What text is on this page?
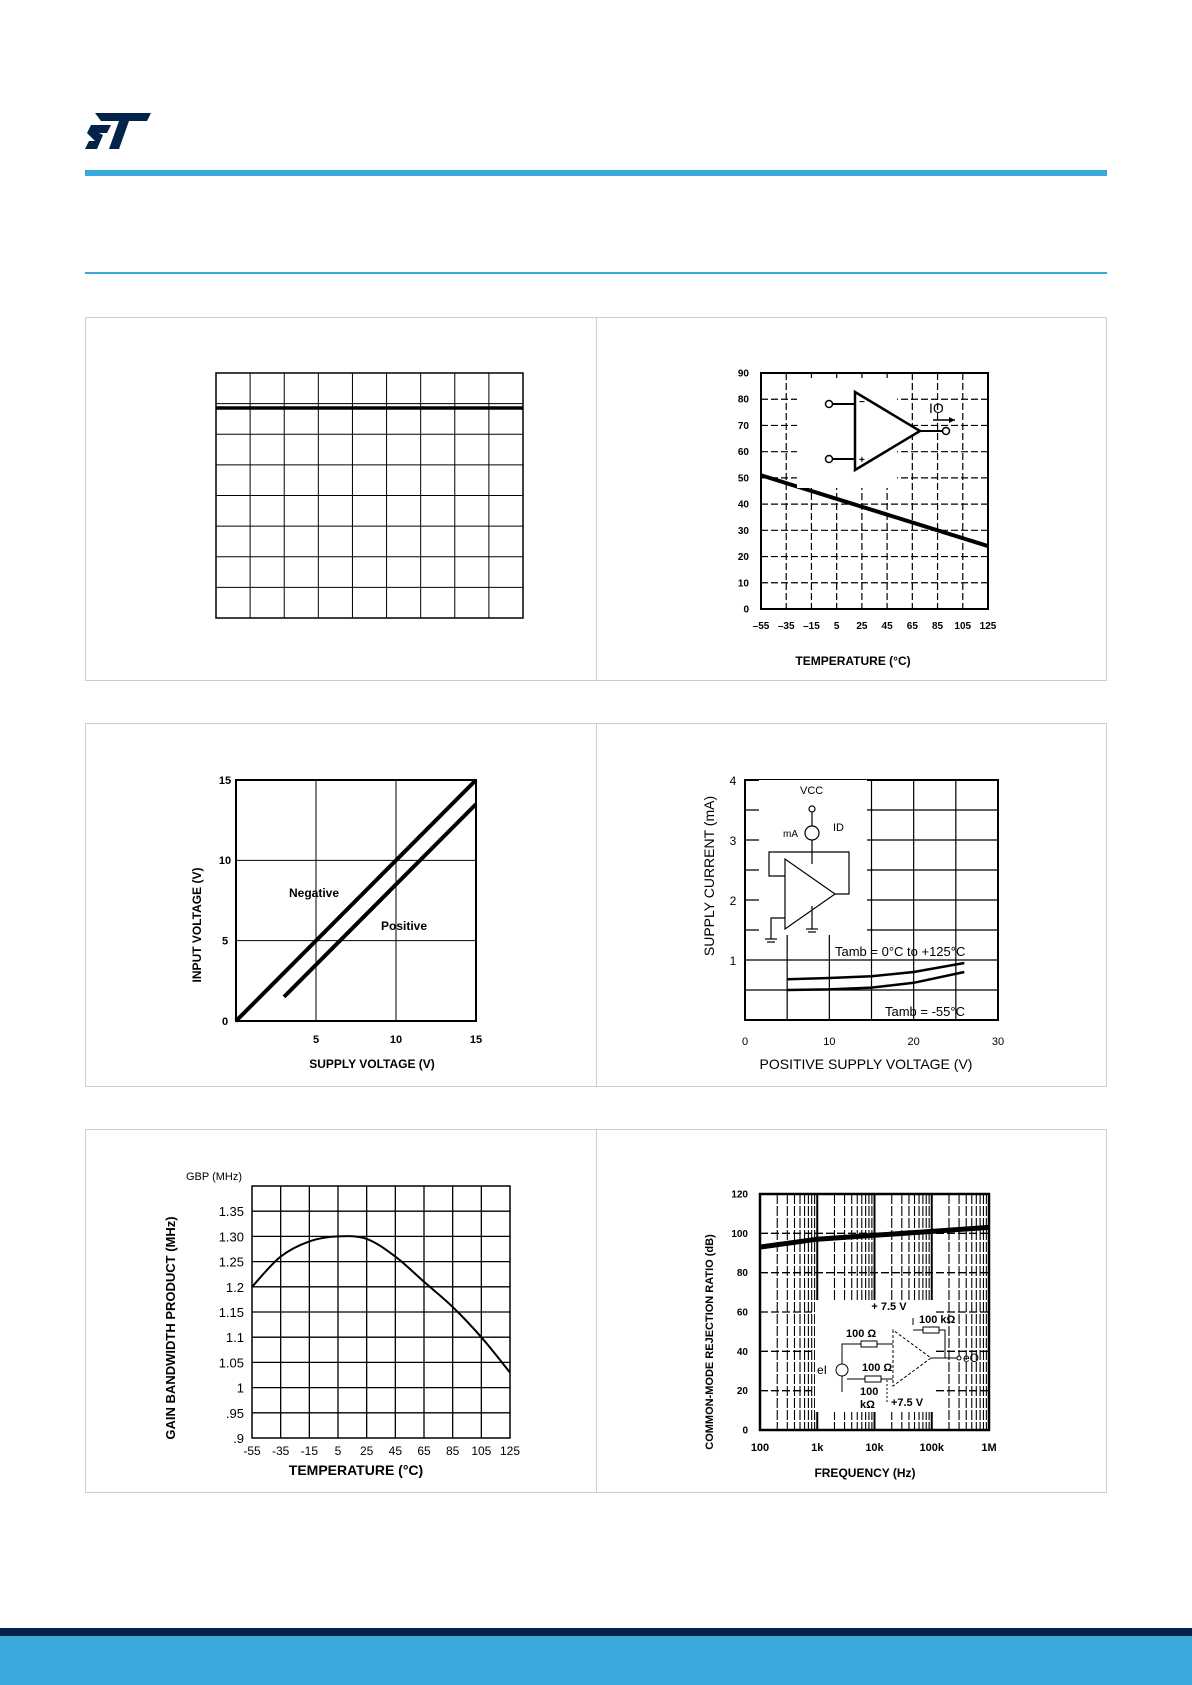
0
10
20
30
40
50
60
70
80
90
–55 –35 –15 5 25 45 65 85 105 125
−
+
IO
TEMPERATURE (°C)
0
5
10
15
5	10	15
Negative
Positive
SUPPLY VOLTAGE (V)
INPUT VOLTAGE (V)	1
2
3
4
0	10	20	30
VCC
mA
ID
Tamb = 0°C to +125°C
Tamb = -55°C
POSITIVE SUPPLY VOLTAGE (V)
SUPPLY CURRENT (mA)
.9
.95
1
1.05
1.1
1.15
1.2
1.25
1.30
1.35
-55 -35 -15 5 25 45 65 85 105 125
GBP (MHz)
TEMPERATURE (°C)
GAIN BANDWIDTH PRODUCT (MHz)	0
20
40
60
80
100
120
100	1k	10k	100k	1M
+ 7.5 V
100 kΩ
100 Ω
eO
eI	100 Ω
100
kΩ +7.5 V
FREQUENCY (Hz)
COMMON-MODE REJECTION RATIO (dB)
